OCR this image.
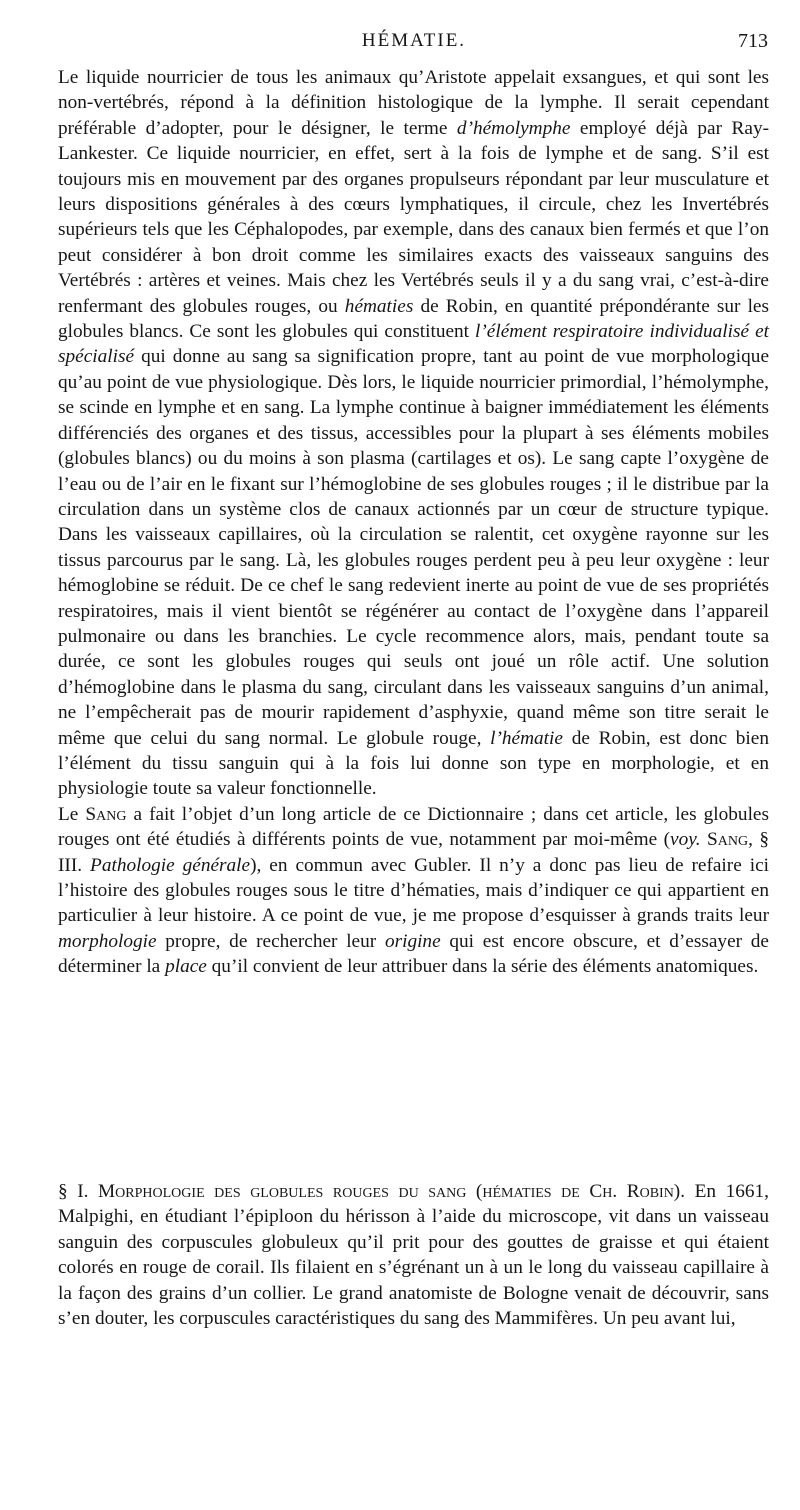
HÉMATIE.	713

Le liquide nourricier de tous les animaux qu’Aristote appelait exsangues, et qui sont les non-vertébrés, répond à la définition histologique de la lymphe. Il serait cependant préférable d’adopter, pour le désigner, le terme d’hémolymphe employé déjà par Ray-Lankester. Ce liquide nourricier, en effet, sert à la fois de lymphe et de sang. S’il est toujours mis en mouvement par des organes propulseurs répondant par leur musculature et leurs dispositions générales à des cœurs lymphatiques, il circule, chez les Invertébrés supérieurs tels que les Céphalopodes, par exemple, dans des canaux bien fermés et que l’on peut considérer à bon droit comme les similaires exacts des vaisseaux sanguins des Vertébrés : artères et veines. Mais chez les Vertébrés seuls il y a du sang vrai, c’est-à-dire renfermant des globules rouges, ou hématies de Robin, en quantité prépondérante sur les globules blancs. Ce sont les globules qui constituent l’élément respiratoire individualisé et spécialisé qui donne au sang sa signification propre, tant au point de vue morphologique qu’au point de vue physiologique. Dès lors, le liquide nourricier primordial, l’hémolymphe, se scinde en lymphe et en sang. La lymphe continue à baigner immédiatement les éléments différenciés des organes et des tissus, accessibles pour la plupart à ses éléments mobiles (globules blancs) ou du moins à son plasma (cartilages et os). Le sang capte l’oxygène de l’eau ou de l’air en le fixant sur l’hémoglobine de ses globules rouges ; il le distribue par la circulation dans un système clos de canaux actionnés par un cœur de structure typique. Dans les vaisseaux capillaires, où la circulation se ralentit, cet oxygène rayonne sur les tissus parcourus par le sang. Là, les globules rouges perdent peu à peu leur oxygène : leur hémoglobine se réduit. De ce chef le sang redevient inerte au point de vue de ses propriétés respiratoires, mais il vient bientôt se régénérer au contact de l’oxygène dans l’appareil pulmonaire ou dans les branchies. Le cycle recommence alors, mais, pendant toute sa durée, ce sont les globules rouges qui seuls ont joué un rôle actif. Une solution d’hémoglobine dans le plasma du sang, circulant dans les vaisseaux sanguins d’un animal, ne l’empêcherait pas de mourir rapidement d’asphyxie, quand même son titre serait le même que celui du sang normal. Le globule rouge, l’hématie de Robin, est donc bien l’élément du tissu sanguin qui à la fois lui donne son type en morphologie, et en physiologie toute sa valeur fonctionnelle.

Le Sang a fait l’objet d’un long article de ce Dictionnaire ; dans cet article, les globules rouges ont été étudiés à différents points de vue, notamment par moi-même (voy. Sang, § III. Pathologie générale), en commun avec Gubler. Il n’y a donc pas lieu de refaire ici l’histoire des globules rouges sous le titre d’hématies, mais d’indiquer ce qui appartient en particulier à leur histoire. A ce point de vue, je me propose d’esquisser à grands traits leur morphologie propre, de rechercher leur origine qui est encore obscure, et d’essayer de déterminer la place qu’il convient de leur attribuer dans la série des éléments anatomiques.

§ I. Morphologie des globules rouges du sang (hématies de Ch. Robin). En 1661, Malpighi, en étudiant l’épiploon du hérisson à l’aide du microscope, vit dans un vaisseau sanguin des corpuscules globuleux qu’il prit pour des gouttes de graisse et qui étaient colorés en rouge de corail. Ils filaient en s’égrénant un à un le long du vaisseau capillaire à la façon des grains d’un collier. Le grand anatomiste de Bologne venait de découvrir, sans s’en douter, les corpuscules caractéristiques du sang des Mammifères. Un peu avant lui,
